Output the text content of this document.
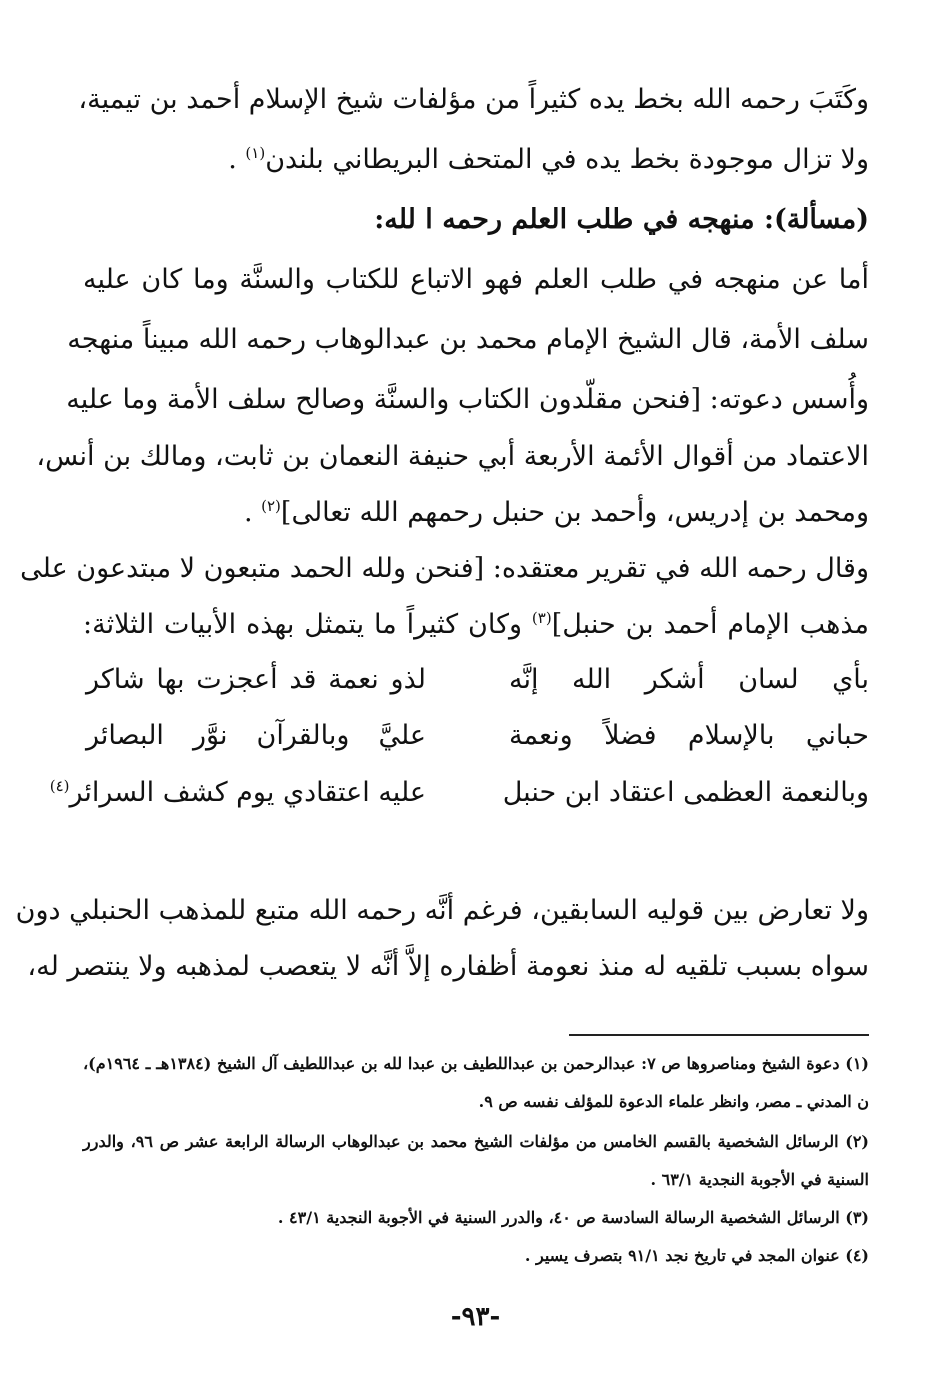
وكَتَبَ رحمه الله بخط يده كثيراً من مؤلفات شيخ الإسلام أحمد بن تيمية،
ولا تزال موجودة بخط يده في المتحف البريطاني بلندن$^{(١)}$ .
(مسألة): منهجه في طلب العلم رحمه ا لله:
أما عن منهجه في طلب العلم فهو الاتباع للكتاب والسنَّة وما كان عليه
سلف الأمة، قال الشيخ الإمام محمد بن عبدالوهاب رحمه الله مبيناً منهجه
وأُسس دعوته: [فنحن مقلّدون الكتاب والسنَّة وصالح سلف الأمة وما عليه
الاعتماد من أقوال الأئمة الأربعة أبي حنيفة النعمان بن ثابت، ومالك بن أنس،
ومحمد بن إدريس، وأحمد بن حنبل رحمهم الله تعالى]$^{(٢)}$ .
وقال رحمه الله في تقرير معتقده: [فنحن ولله الحمد متبعون لا مبتدعون على
مذهب الإمام أحمد بن حنبل]$^{(٣)}$ وكان كثيراً ما يتمثل بهذه الأبيات الثلاثة:
بأي لسان أشكر الله إنَّه
لذو نعمة قد أعجزت بها شاكر
حباني بالإسلام فضلاً ونعمة
عليَّ وبالقرآن نوَّر البصائر
وبالنعمة العظمى اعتقاد ابن حنبل
عليه اعتقادي يوم كشف السرائر$^{(٤)}$
ولا تعارض بين قوليه السابقين، فرغم أنَّه رحمه الله متبع للمذهب الحنبلي دون
سواه بسبب تلقيه له منذ نعومة أظفاره إلاَّ أنَّه لا يتعصب لمذهبه ولا ينتصر له،
(١) دعوة الشيخ ومناصروها ص ٧: عبدالرحمن بن عبداللطيف بن عبدا لله بن عبداللطيف آل الشيخ (١٣٨٤هـ ـ ١٩٦٤م)،
ن المدني ـ مصر، وانظر علماء الدعوة للمؤلف نفسه ص ٩.
(٢) الرسائل الشخصية بالقسم الخامس من مؤلفات الشيخ محمد بن عبدالوهاب الرسالة الرابعة عشر ص ٩٦، والدرر
السنية في الأجوبة النجدية ٦٣/١ .
(٣) الرسائل الشخصية الرسالة السادسة ص ٤٠، والدرر السنية في الأجوبة النجدية ٤٣/١ .
(٤) عنوان المجد في تاريخ نجد ٩١/١ بتصرف يسير .
-٩٣-
